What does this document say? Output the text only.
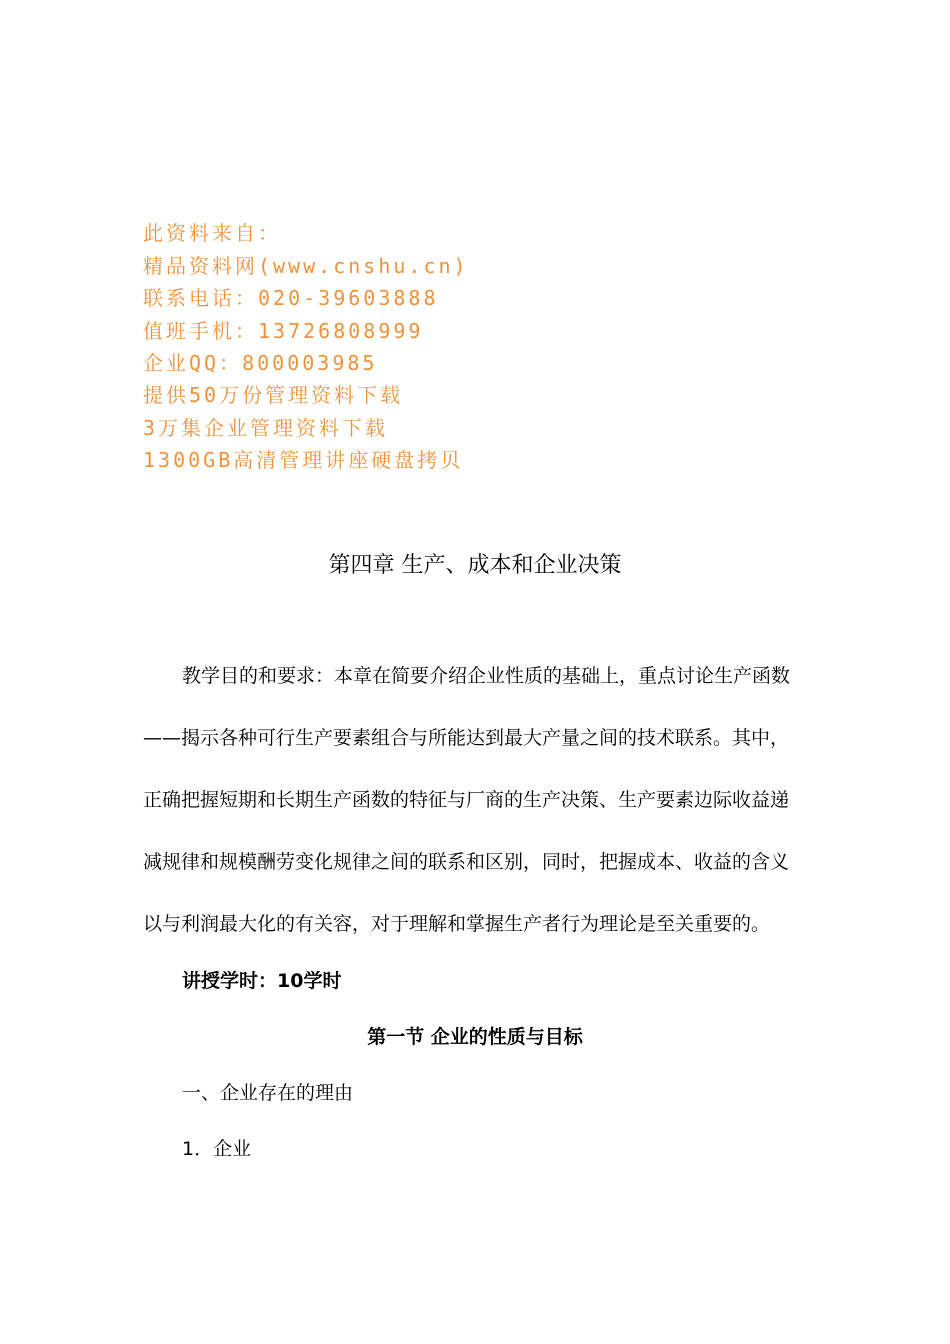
此资料来自：
精品资料网(www.cnshu.cn)
联系电话：020-39603888
值班手机：13726808999
企业QQ：800003985
提供50万份管理资料下载
3万集企业管理资料下载
1300GB高清管理讲座硬盘拷贝
第四章 生产、成本和企业决策
教学目的和要求：本章在简要介绍企业性质的基础上，重点讨论生产函数
——揭示各种可行生产要素组合与所能达到最大产量之间的技术联系。其中，
正确把握短期和长期生产函数的特征与厂商的生产决策、生产要素边际收益递
减规律和规模酬劳变化规律之间的联系和区别，同时，把握成本、收益的含义
以与利润最大化的有关容，对于理解和掌握生产者行为理论是至关重要的。
讲授学时：10学时
第一节 企业的性质与目标
一、企业存在的理由
1．企业
